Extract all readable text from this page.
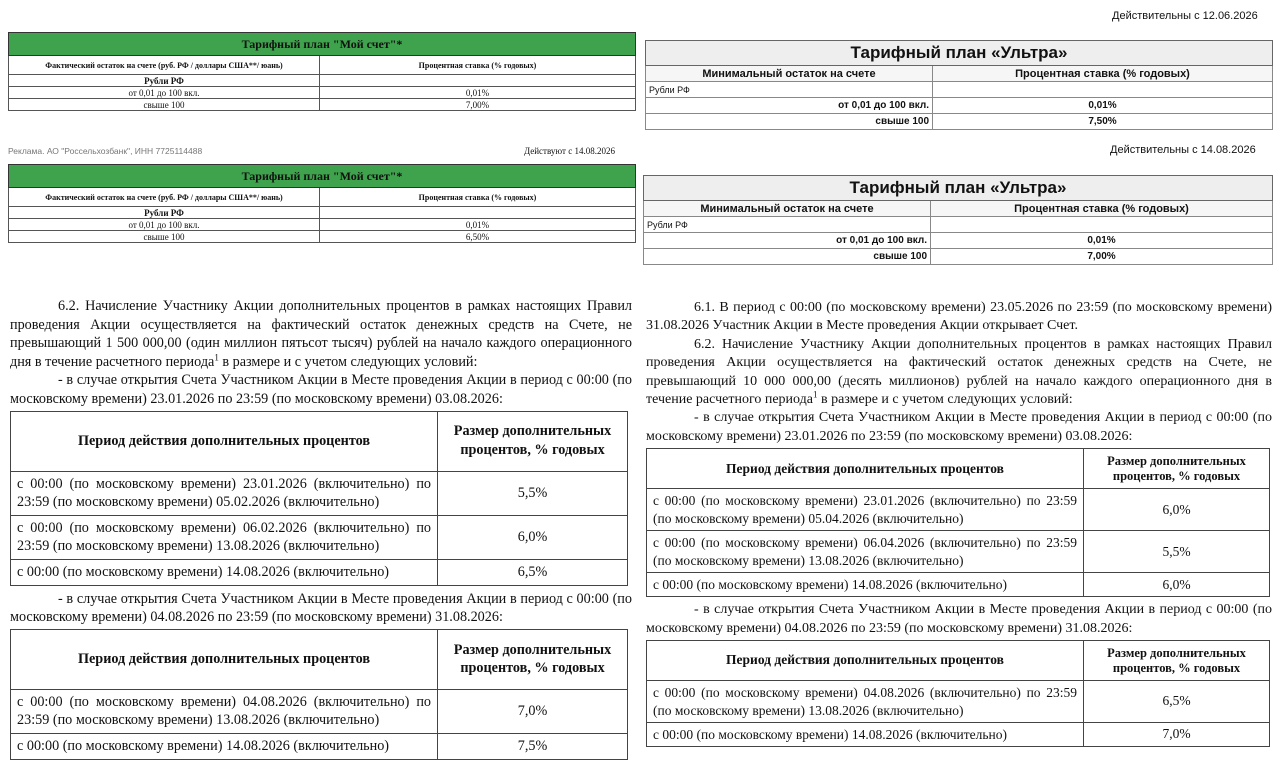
Действительны с 12.06.2026
Тарифный план "Мой счет"*	
Фактический остаток на счете (руб. РФ / доллары США**/ юань)	Процентная ставка (% годовых)
Рубли РФ	
от 0,01 до 100 вкл.	0,01%
свыше 100	7,00%
Реклама. АО "Россельхозбанк", ИНН 7725114488	Действуют с 14.08.2026
Тарифный план "Мой счет"*	
Фактический остаток на счете (руб. РФ / доллары США**/ юань)	Процентная ставка (% годовых)
Рубли РФ	
от 0,01 до 100 вкл.	0,01%
свыше 100	6,50%
Тарифный план «Ультра»	
Минимальный остаток на счете	Процентная ставка (% годовых)
Рубли РФ	
от 0,01 до 100 вкл.	0,01%
свыше 100	7,50%
Действительны с 14.08.2026
Тарифный план «Ультра»	
Минимальный остаток на счете	Процентная ставка (% годовых)
Рубли РФ	
от 0,01 до 100 вкл.	0,01%
свыше 100	7,00%

6.2. Начисление Участнику Акции дополнительных процентов в рамках настоящих Правил проведения Акции осуществляется на фактический остаток денежных средств на Счете, не превышающий 1 500 000,00 (один миллион пятьсот тысяч) рублей на начало каждого операционного дня в течение расчетного периода$^1$ в размере и с учетом следующих условий:

- в случае открытия Счета Участником Акции в Месте проведения Акции в период с 00:00 (по московскому времени) 23.01.2026 по 23:59 (по московскому времени) 03.08.2026:

Период действия дополнительных процентов	Размер дополнительных процентов, % годовых
с 00:00 (по московскому времени) 23.01.2026 (включительно) по 23:59 (по московскому времени) 05.02.2026 (включительно)	5,5%
с 00:00 (по московскому времени) 06.02.2026 (включительно) по 23:59 (по московскому времени) 13.08.2026 (включительно)	6,0%
с 00:00 (по московскому времени) 14.08.2026 (включительно)	6,5%

- в случае открытия Счета Участником Акции в Месте проведения Акции в период с 00:00 (по московскому времени) 04.08.2026 по 23:59 (по московскому времени) 31.08.2026:

Период действия дополнительных процентов	Размер дополнительных процентов, % годовых
с 00:00 (по московскому времени) 04.08.2026 (включительно) по 23:59 (по московскому времени) 13.08.2026 (включительно)	7,0%
с 00:00 (по московскому времени) 14.08.2026 (включительно)	7,5%

6.1. В период с 00:00 (по московскому времени) 23.05.2026 по 23:59 (по московскому времени) 31.08.2026 Участник Акции в Месте проведения Акции открывает Счет.

6.2. Начисление Участнику Акции дополнительных процентов в рамках настоящих Правил проведения Акции осуществляется на фактический остаток денежных средств на Счете, не превышающий 10 000 000,00 (десять миллионов) рублей на начало каждого операционного дня в течение расчетного периода$^1$ в размере и с учетом следующих условий:

- в случае открытия Счета Участником Акции в Месте проведения Акции в период с 00:00 (по московскому времени) 23.01.2026 по 23:59 (по московскому времени) 03.08.2026:

Период действия дополнительных процентов	Размер дополнительных процентов, % годовых
с 00:00 (по московскому времени) 23.01.2026 (включительно) по 23:59 (по московскому времени) 05.04.2026 (включительно)	6,0%
с 00:00 (по московскому времени) 06.04.2026 (включительно) по 23:59 (по московскому времени) 13.08.2026 (включительно)	5,5%
с 00:00 (по московскому времени) 14.08.2026 (включительно)	6,0%

- в случае открытия Счета Участником Акции в Месте проведения Акции в период с 00:00 (по московскому времени) 04.08.2026 по 23:59 (по московскому времени) 31.08.2026:

Период действия дополнительных процентов	Размер дополнительных процентов, % годовых
с 00:00 (по московскому времени) 04.08.2026 (включительно) по 23:59 (по московскому времени) 13.08.2026 (включительно)	6,5%
с 00:00 (по московскому времени) 14.08.2026 (включительно)	7,0%
